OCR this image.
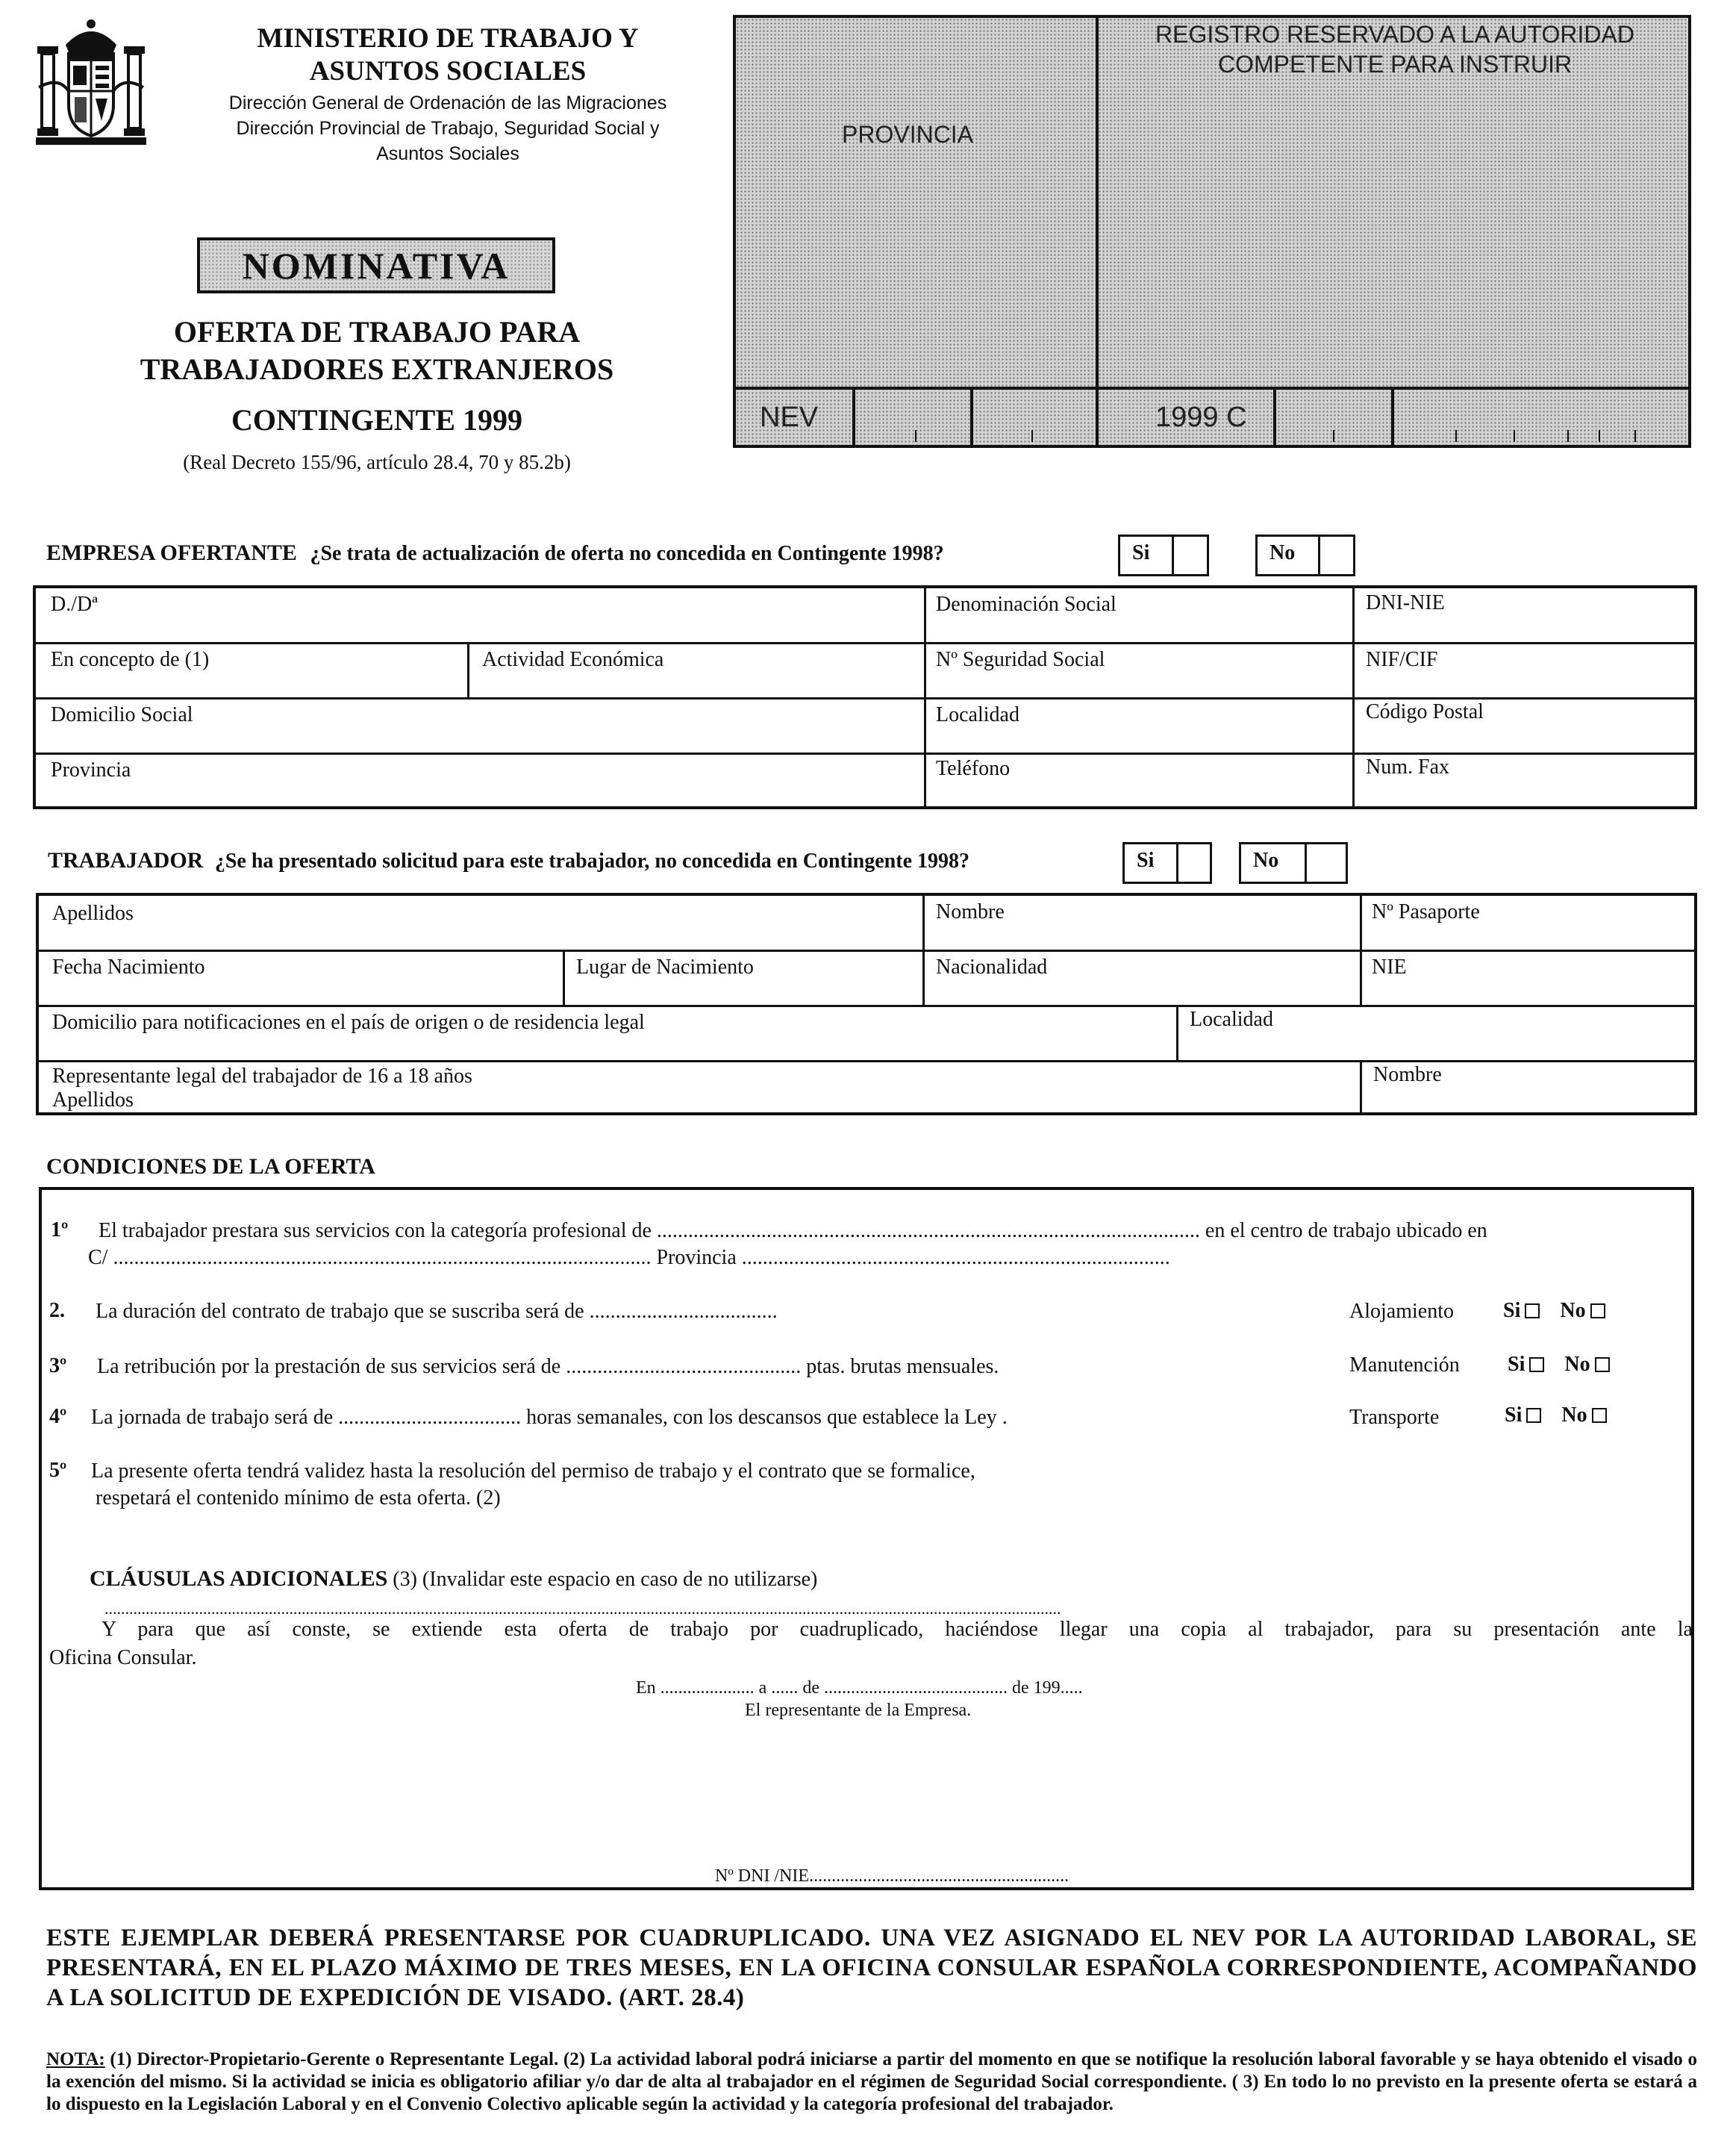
MINISTERIO DE TRABAJO Y
ASUNTOS SOCIALES
Dirección General de Ordenación de las Migraciones
Dirección Provincial de Trabajo, Seguridad Social y
Asuntos Sociales
NOMINATIVA
OFERTA DE TRABAJO PARA
TRABAJADORES EXTRANJEROS
CONTINGENTE 1999
(Real Decreto 155/96, artículo 28.4, 70 y 85.2b)
REGISTRO RESERVADO A LA AUTORIDAD
COMPETENTE PARA INSTRUIR
PROVINCIA
NEV	1999 C
EMPRESA OFERTANTE ¿Se trata de actualización de oferta no concedida en Contingente 1998?	Si	No
D./Dª	Denominación Social	DNI-NIE
En concepto de (1)	Actividad Económica	Nº Seguridad Social	NIF/CIF
Domicilio Social	Localidad	Código Postal
Provincia	Teléfono	Num. Fax
TRABAJADOR ¿Se ha presentado solicitud para este trabajador, no concedida en Contingente 1998?	Si	No
Apellidos	Nombre	Nº Pasaporte
Fecha Nacimiento	Lugar de Nacimiento	Nacionalidad	NIE
Domicilio para notificaciones en el país de origen o de residencia legal	Localidad
Representante legal del trabajador de 16 a 18 años
Apellidos
Nombre
CONDICIONES DE LA OFERTA
1º El trabajador prestara sus servicios con la categoría profesional de ........................................................................................................ en el centro de trabajo ubicado en
C/ ....................................................................................................... Provincia ..................................................................................
2. La duración del contrato de trabajo que se suscriba será de ....................................	Alojamiento Si No
3º La retribución por la prestación de sus servicios será de ............................................. ptas. brutas mensuales.	Manutención Si No
4º La jornada de trabajo será de ................................... horas semanales, con los descansos que establece la Ley .	Transporte	Si No
5º La presente oferta tendrá validez hasta la resolución del permiso de trabajo y el contrato que se formalice,
respetará el contenido mínimo de esta oferta. (2)
CLÁUSULAS ADICIONALES (3) (Invalidar este espacio en caso de no utilizarse)
.........................................................................................................................................................................................................................................
Y para que así conste, se extiende esta oferta de trabajo por cuadruplicado, haciéndose llegar una copia al trabajador, para su presentación ante la
Oficina Consular.
En ..................... a ...... de ......................................... de 199.....
El representante de la Empresa.
Nº DNI /NIE..........................................................
ESTE EJEMPLAR DEBERÁ PRESENTARSE POR CUADRUPLICADO. UNA VEZ ASIGNADO EL NEV POR LA AUTORIDAD LABORAL, SE PRESENTARÁ, EN EL PLAZO MÁXIMO DE TRES MESES, EN LA OFICINA CONSULAR ESPAÑOLA CORRESPONDIENTE, ACOMPAÑANDO A LA SOLICITUD DE EXPEDICIÓN DE VISADO. (ART. 28.4)
NOTA: (1) Director-Propietario-Gerente o Representante Legal. (2) La actividad laboral podrá iniciarse a partir del momento en que se notifique la resolución laboral favorable y se haya obtenido el visado o la exención del mismo. Si la actividad se inicia es obligatorio afiliar y/o dar de alta al trabajador en el régimen de Seguridad Social correspondiente. ( 3) En todo lo no previsto en la presente oferta se estará a lo dispuesto en la Legislación Laboral y en el Convenio Colectivo aplicable según la actividad y la categoría profesional del trabajador.
